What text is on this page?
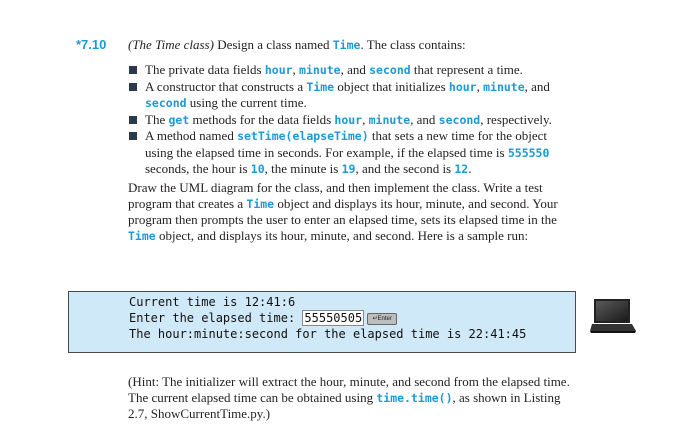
*7.10 (The Time class) Design a class named Time. The class contains:
The private data fields hour, minute, and second that represent a time.
A constructor that constructs a Time object that initializes hour, minute, and second using the current time.
The get methods for the data fields hour, minute, and second, respectively.
A method named setTime(elapseTime) that sets a new time for the object using the elapsed time in seconds. For example, if the elapsed time is 555550 seconds, the hour is 10, the minute is 19, and the second is 12.
Draw the UML diagram for the class, and then implement the class. Write a test program that creates a Time object and displays its hour, minute, and second. Your program then prompts the user to enter an elapsed time, sets its elapsed time in the Time object, and displays its hour, minute, and second. Here is a sample run:
Current time is 12:41:6
Enter the elapsed time: 55550505 ↵Enter
The hour:minute:second for the elapsed time is 22:41:45
(Hint: The initializer will extract the hour, minute, and second from the elapsed time. The current elapsed time can be obtained using time.time(), as shown in Listing 2.7, ShowCurrentTime.py.)
